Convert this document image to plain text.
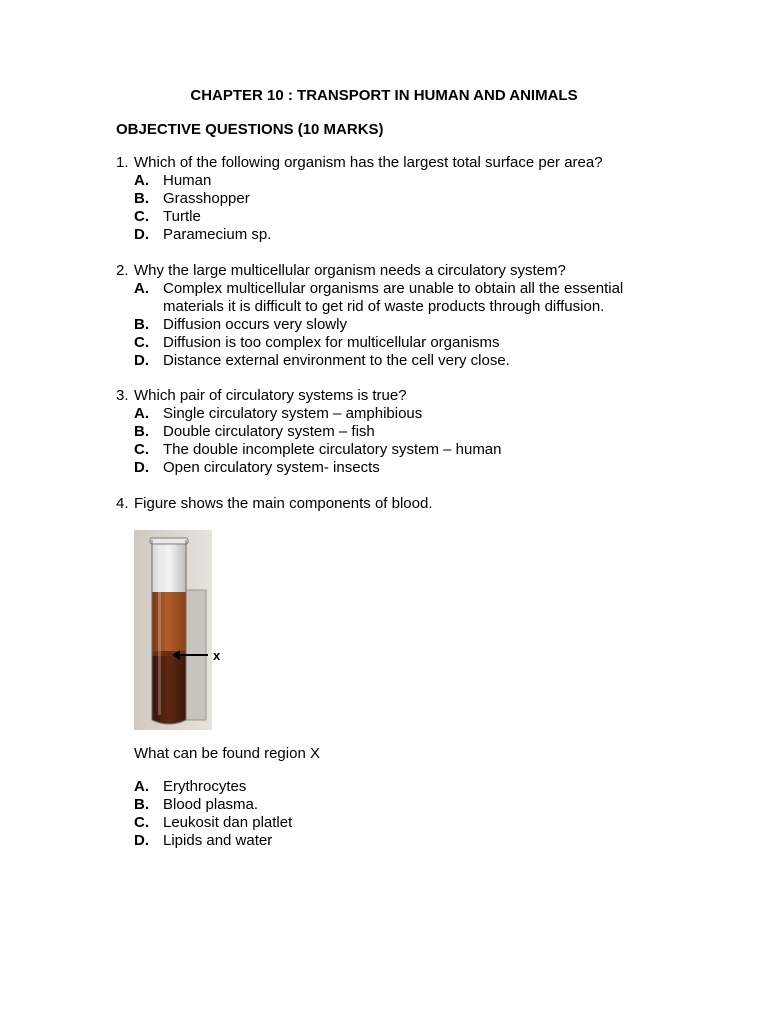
CHAPTER 10 : TRANSPORT IN HUMAN AND ANIMALS
OBJECTIVE QUESTIONS (10 MARKS)
1. Which of the following organism has the largest total surface per area?
A. Human
B. Grasshopper
C. Turtle
D. Paramecium sp.
2. Why the large multicellular organism needs a circulatory system?
A. Complex multicellular organisms are unable to obtain all the essential materials it is difficult to get rid of waste products through diffusion.
B. Diffusion occurs very slowly
C. Diffusion is too complex for multicellular organisms
D. Distance external environment to the cell very close.
3. Which pair of circulatory systems is true?
A. Single circulatory system – amphibious
B. Double circulatory system – fish
C. The double incomplete circulatory system – human
D. Open circulatory system- insects
4. Figure shows the main components of blood.
x
What can be found region X
A. Erythrocytes
B. Blood plasma.
C. Leukosit dan platlet
D. Lipids and water
